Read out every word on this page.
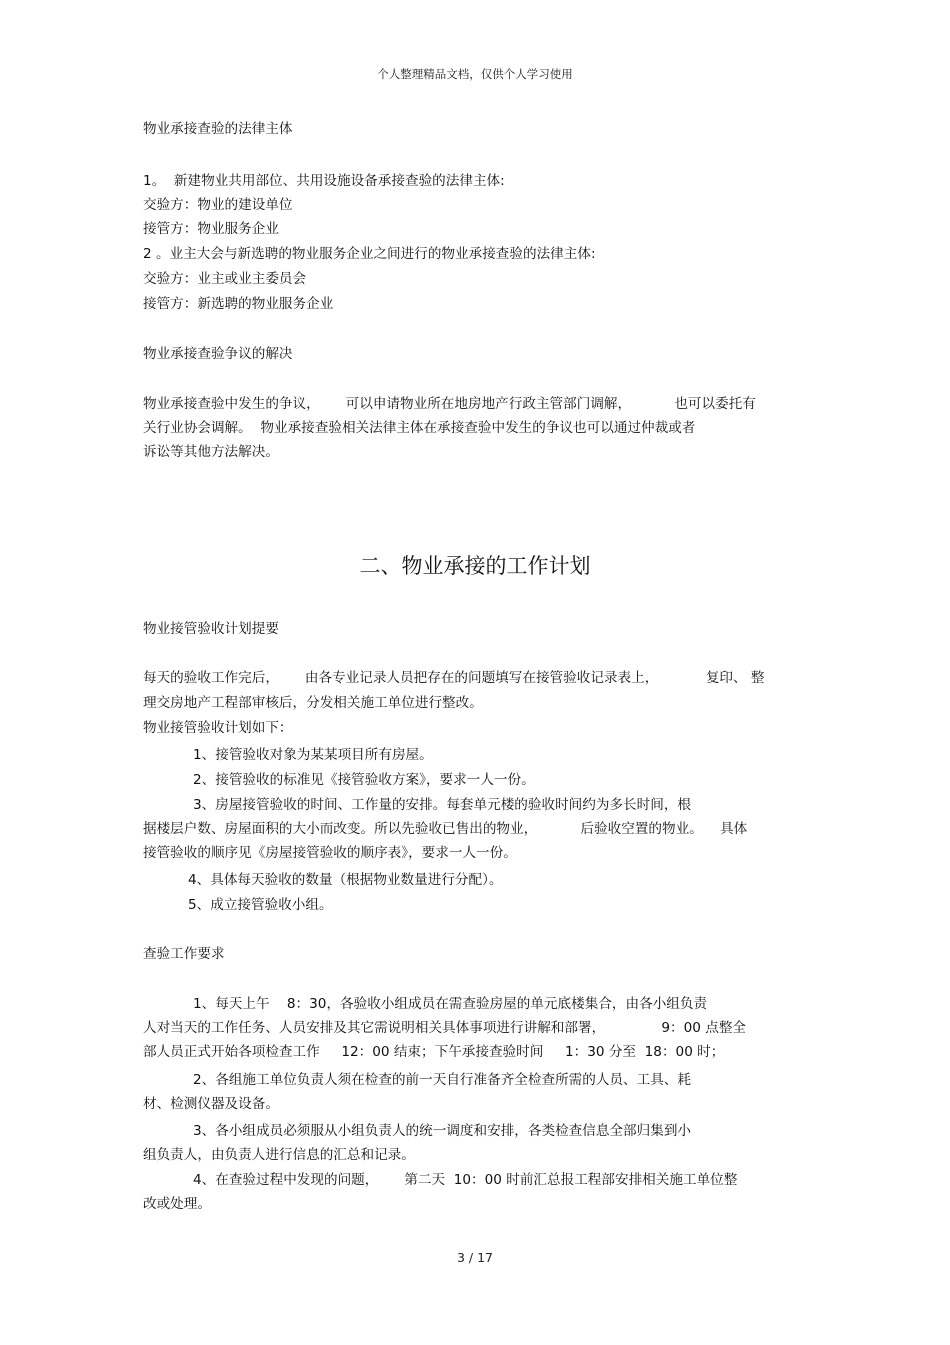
个人整理精品文档，仅供个人学习使用
物业承接查验的法律主体
1。  新建物业共用部位、共用设施设备承接查验的法律主体:
交验方：物业的建设单位
接管方：物业服务企业
2 。业主大会与新选聘的物业服务企业之间进行的物业承接查验的法律主体:
交验方：业主或业主委员会
接管方：新选聘的物业服务企业
物业承接查验争议的解决
物业承接查验中发生的争议，      可以申请物业所在地房地产行政主管部门调解，          也可以委托有
关行业协会调解。  物业承接查验相关法律主体在承接查验中发生的争议也可以通过仲裁或者
诉讼等其他方法解决。
二、物业承接的工作计划
物业接管验收计划提要
每天的验收工作完后，      由各专业记录人员把存在的问题填写在接管验收记录表上，           复印、 整
理交房地产工程部审核后，分发相关施工单位进行整改。
物业接管验收计划如下：
1、接管验收对象为某某项目所有房屋。
2、接管验收的标准见《接管验收方案》，要求一人一份。
3、房屋接管验收的时间、工作量的安排。每套单元楼的验收时间约为多长时间，根
据楼层户数、房屋面积的大小而改变。所以先验收已售出的物业，          后验收空置的物业。    具体
接管验收的顺序见《房屋接管验收的顺序表》，要求一人一份。
4、具体每天验收的数量（根据物业数量进行分配）。
5、成立接管验收小组。
查验工作要求
1、每天上午    8：30，各验收小组成员在需查验房屋的单元底楼集合，由各小组负责
人对当天的工作任务、人员安排及其它需说明相关具体事项进行讲解和部署，             9：00 点整全
部人员正式开始各项检查工作     12：00 结束；下午承接查验时间     1：30 分至  18：00 时；
2、各组施工单位负责人须在检查的前一天自行准备齐全检查所需的人员、工具、耗
材、检测仪器及设备。
3、各小组成员必须服从小组负责人的统一调度和安排，各类检查信息全部归集到小
组负责人，由负责人进行信息的汇总和记录。
4、在查验过程中发现的问题，      第二天  10：00 时前汇总报工程部安排相关施工单位整
改或处理。
3 / 17
